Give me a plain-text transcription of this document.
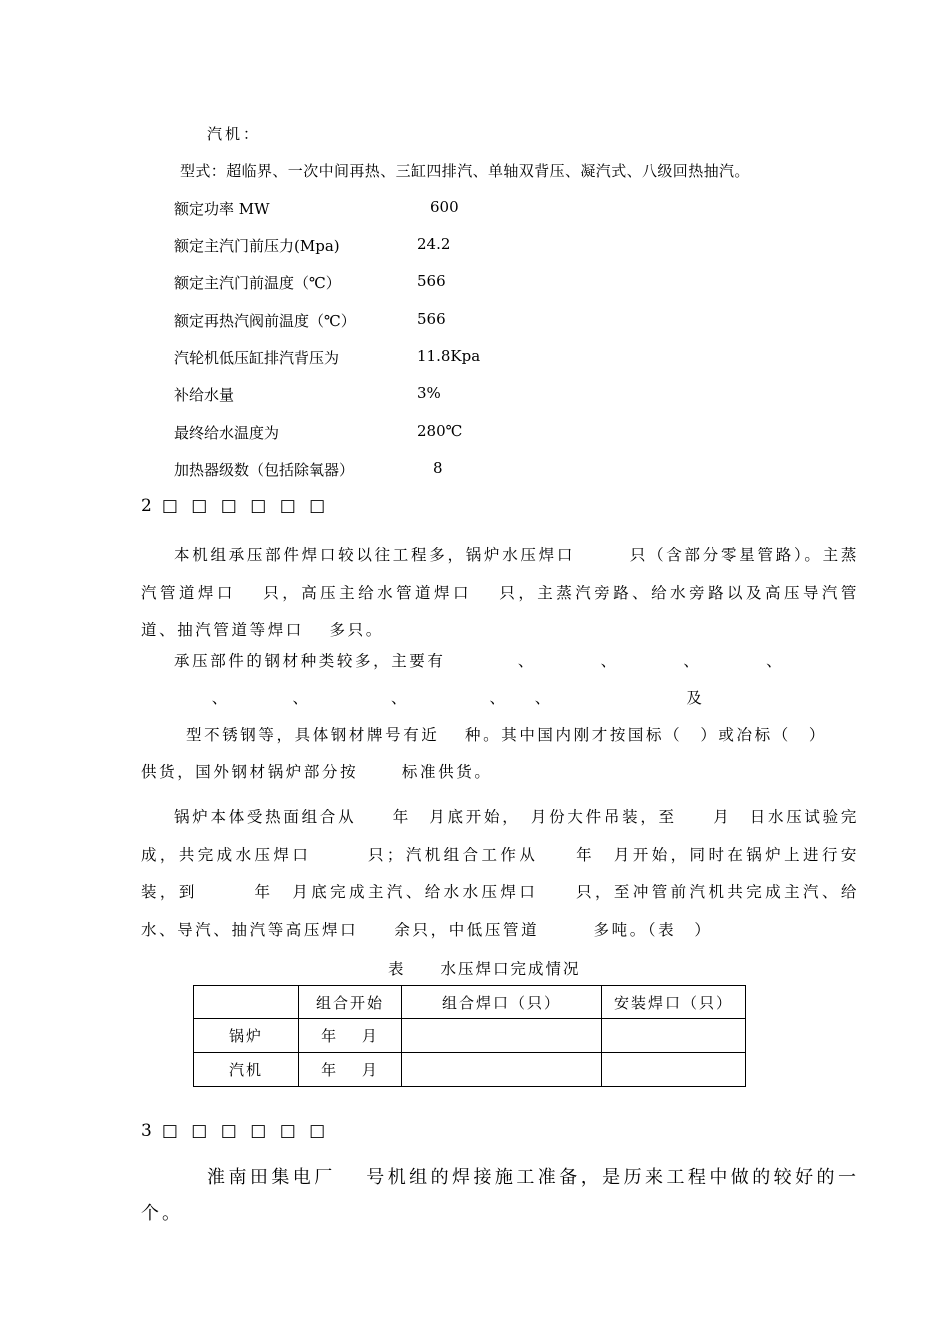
汽机：
型式：超临界、一次中间再热、三缸四排汽、单轴双背压、凝汽式、八级回热抽汽。
额定功率 MW	600
额定主汽门前压力(Mpa)	24.2
额定主汽门前温度（℃）	566
额定再热汽阀前温度（℃）	566
汽轮机低压缸排汽背压为	11.8Kpa
补给水量	3%
最终给水温度为	280℃
加热器级数（包括除氧器）	8
2 □ □ □ □ □ □
本机组承压部件焊口较以往工程多，锅炉水压焊口　　　只（含部分零星管路）。主蒸汽管道焊口　 只，高压主给水管道焊口　 只，主蒸汽旁路、给水旁路以及高压导汽管道、抽汽管道等焊口　 多只。
承压部件的钢材种类较多，主要有　　　　、　　　　、　　　　、　　　　、
　　　　、　　　　、　　　　　、　　　　　、　　、　　　　　　　　及
型不锈钢等，具体钢材牌号有近　 种。其中国内刚才按国标（　）或冶标（　）
供货，国外钢材锅炉部分按　　 标准供货。
锅炉本体受热面组合从　　年　月底开始，　月份大件吊装，至　　月　日水压试验完成，共完成水压焊口　　　只；汽机组合工作从　　年　月开始，同时在锅炉上进行安装，到　　　年　月底完成主汽、给水水压焊口　　只，至冲管前汽机共完成主汽、给水、导汽、抽汽等高压焊口　　余只，中低压管道　　　多吨。（表　）
表　　水压焊口完成情况
	组合开始	组合焊口（只）	安装焊口（只）
锅炉	年　 月		
汽机	年　 月		
3 □ □ □ □ □ □
淮南田集电厂　 号机组的焊接施工准备，是历来工程中做的较好的一个。
